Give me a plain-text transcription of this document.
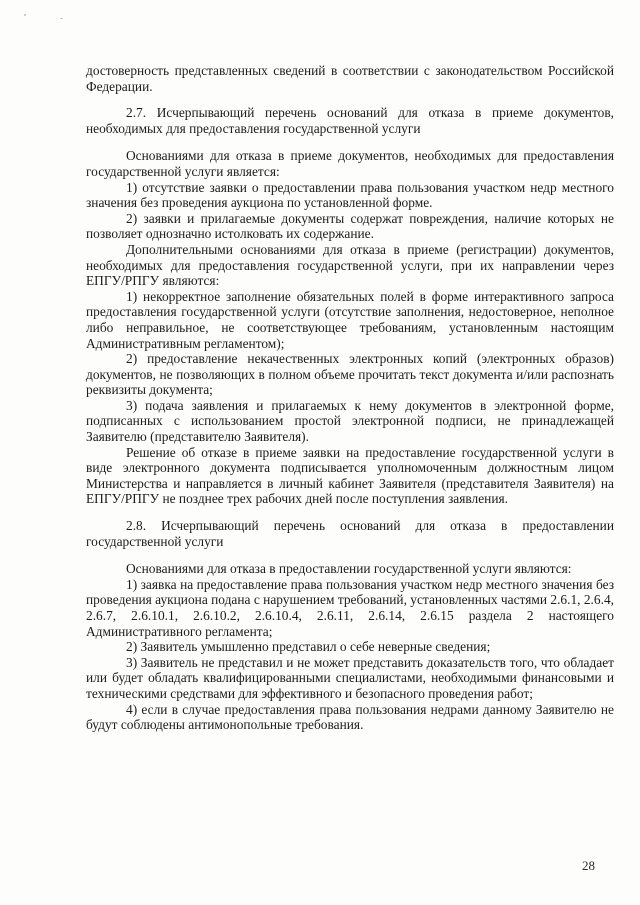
достоверность представленных сведений в соответствии с законодательством Российской Федерации.

2.7. Исчерпывающий перечень оснований для отказа в приеме документов, необходимых для предоставления государственной услуги

Основаниями для отказа в приеме документов, необходимых для предоставления государственной услуги является:

1) отсутствие заявки о предоставлении права пользования участком недр местного значения без проведения аукциона по установленной форме.

2) заявки и прилагаемые документы содержат повреждения, наличие которых не позволяет однозначно истолковать их содержание.

Дополнительными основаниями для отказа в приеме (регистрации) документов, необходимых для предоставления государственной услуги, при их направлении через ЕПГУ/РПГУ являются:

1) некорректное заполнение обязательных полей в форме интерактивного запроса предоставления государственной услуги (отсутствие заполнения, недостоверное, неполное либо неправильное, не соответствующее требованиям, установленным настоящим Административным регламентом);

2) предоставление некачественных электронных копий (электронных образов) документов, не позволяющих в полном объеме прочитать текст документа и/или распознать реквизиты документа;

3) подача заявления и прилагаемых к нему документов в электронной форме, подписанных с использованием простой электронной подписи, не принадлежащей Заявителю (представителю Заявителя).

Решение об отказе в приеме заявки на предоставление государственной услуги в виде электронного документа подписывается уполномоченным должностным лицом Министерства и направляется в личный кабинет Заявителя (представителя Заявителя) на ЕПГУ/РПГУ не позднее трех рабочих дней после поступления заявления.

2.8. Исчерпывающий перечень оснований для отказа в предоставлении государственной услуги

Основаниями для отказа в предоставлении государственной услуги являются:

1) заявка на предоставление права пользования участком недр местного значения без проведения аукциона подана с нарушением требований, установленных частями 2.6.1, 2.6.4, 2.6.7, 2.6.10.1, 2.6.10.2, 2.6.10.4, 2.6.11, 2.6.14, 2.6.15 раздела 2 настоящего Административного регламента;

2) Заявитель умышленно представил о себе неверные сведения;

3) Заявитель не представил и не может представить доказательств того, что обладает или будет обладать квалифицированными специалистами, необходимыми финансовыми и техническими средствами для эффективного и безопасного проведения работ;

4) если в случае предоставления права пользования недрами данному Заявителю не будут соблюдены антимонопольные требования.

28
